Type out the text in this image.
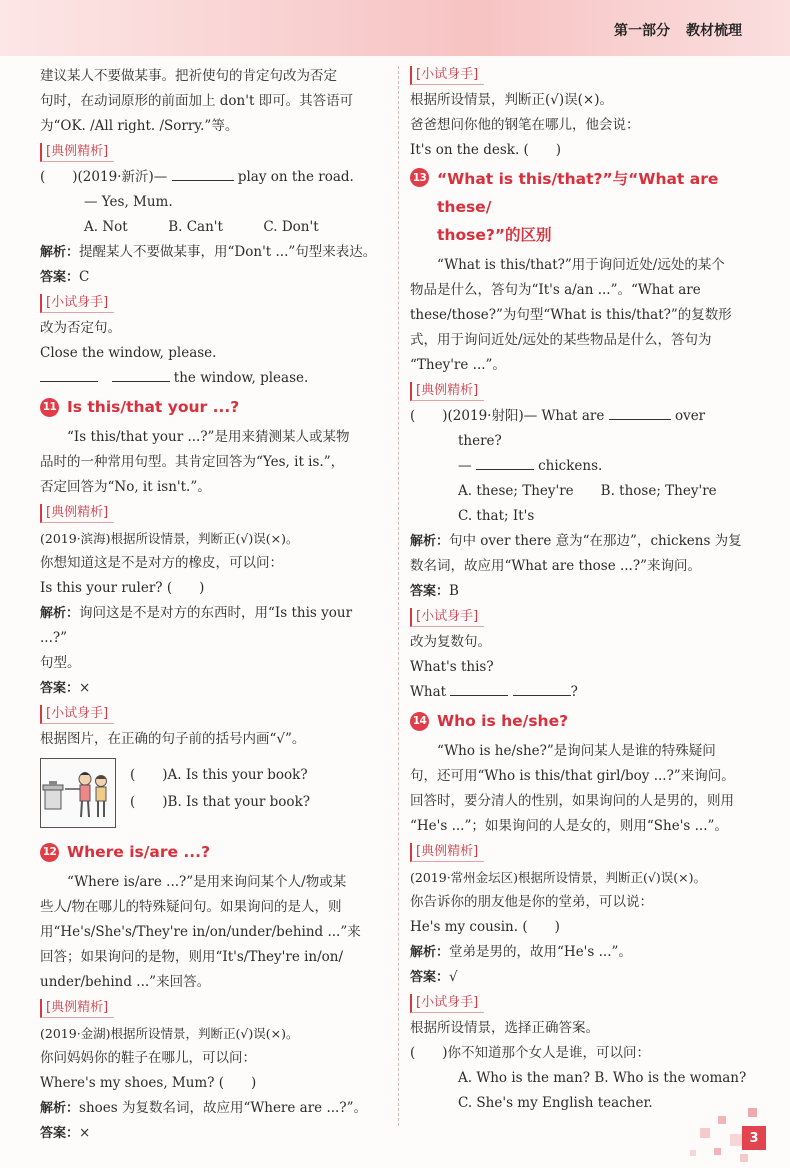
第一部分 教材梳理

建议某人不要做某事。把祈使句的肯定句改为否定

句时，在动词原形的前面加上 don't 即可。其答语可

为“OK. /All right. /Sorry.”等。

[典例精析]

(　　)(2019·新沂)—	play on the road.

— Yes, Mum.

A. Not　　　B. Can't　　　C. Don't

解析：提醒某人不要做某事，用“Don't ...”句型来表达。

答案：C

[小试身手]

改为否定句。

Close the window, please.

　 the window, please.

11 Is this/that your ...?

“Is this/that your ...?”是用来猜测某人或某物

品时的一种常用句型。其肯定回答为“Yes, it is.”，

否定回答为“No, it isn't.”。

[典例精析]

(2019·滨海)根据所设情景，判断正(√)误(×)。

你想知道这是不是对方的橡皮，可以问：

Is this your ruler? (　　)

解析：询问这是不是对方的东西时，用“Is this your ...?”

句型。

答案：×

[小试身手]

根据图片，在正确的句子前的括号内画“√”。

(　　)A. Is this your book?

(　　)B. Is that your book?

12 Where is/are ...?

“Where is/are ...?”是用来询问某个人/物或某

些人/物在哪儿的特殊疑问句。如果询问的是人，则

用“He's/She's/They're in/on/under/behind ...”来

回答；如果询问的是物，则用“It's/They're in/on/

under/behind ...”来回答。

[典例精析]

(2019·金湖)根据所设情景，判断正(√)误(×)。

你问妈妈你的鞋子在哪儿，可以问：

Where's my shoes, Mum? (　　)

解析：shoes 为复数名词，故应用“Where are ...?”。

答案：×

[小试身手]

根据所设情景，判断正(√)误(×)。

爸爸想问你他的钢笔在哪儿，他会说：

It's on the desk. (　　)

13 “What is this/that?”与“What are these/
those?”的区别

“What is this/that?”用于询问近处/远处的某个

物品是什么，答句为“It's a/an ...”。“What are

these/those?”为句型“What is this/that?”的复数形

式，用于询问近处/远处的某些物品是什么，答句为

“They're ...”。

[典例精析]

(　　)(2019·射阳)— What are	over

there?

—	chickens.

A. these; They're　　B. those; They're

C. that; It's

解析：句中 over there 意为“在那边”，chickens 为复

数名词，故应用“What are those ...?”来询问。

答案：B

[小试身手]

改为复数句。

What's this?

What	?

14 Who is he/she?

“Who is he/she?”是询问某人是谁的特殊疑问

句，还可用“Who is this/that girl/boy ...?”来询问。

回答时，要分清人的性别，如果询问的人是男的，则用

“He's ...”；如果询问的人是女的，则用“She's ...”。

[典例精析]

(2019·常州金坛区)根据所设情景，判断正(√)误(×)。

你告诉你的朋友他是你的堂弟，可以说：

He's my cousin. (　　)

解析：堂弟是男的，故用“He's ...”。

答案：√

[小试身手]

根据所设情景，选择正确答案。

(　　)你不知道那个女人是谁，可以问：

A. Who is the man? B. Who is the woman?

C. She's my English teacher.

3
